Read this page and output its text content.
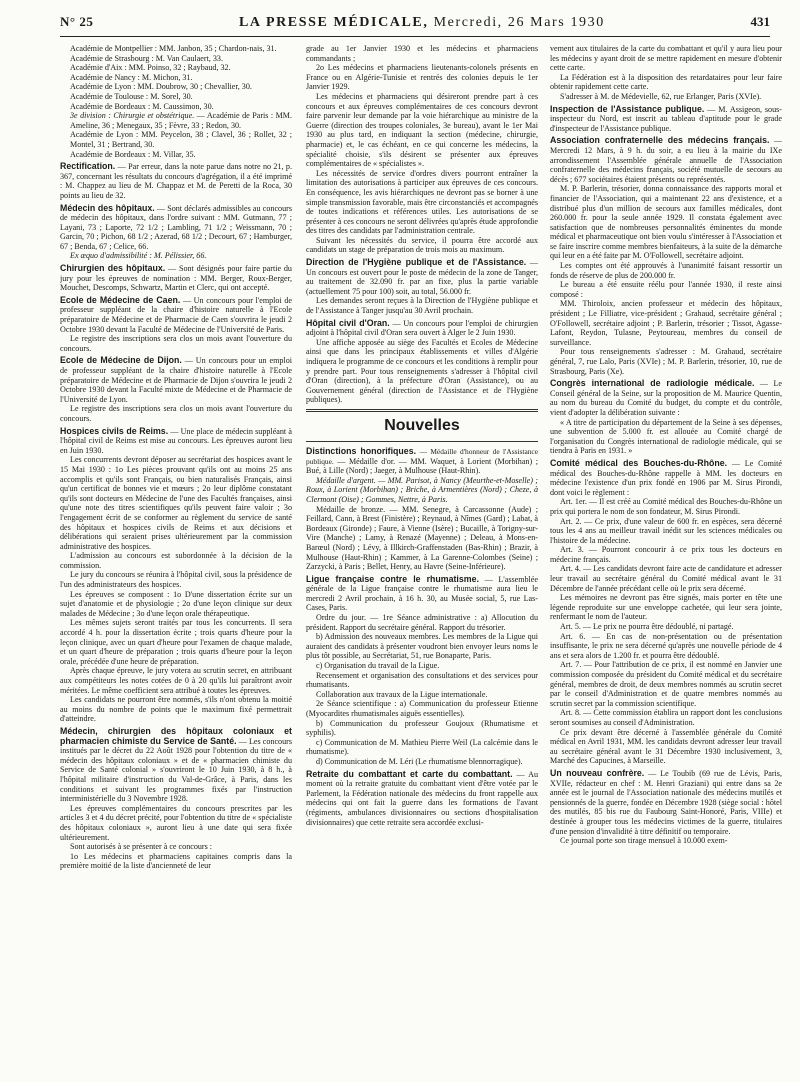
N° 25	LA PRESSE MÉDICALE, Mercredi, 26 Mars 1930	431

Académie de Montpellier : MM. Janbon, 35 ; Chardon-nais, 31.

Académie de Strasbourg : M. Van Caulaert, 33.

Académie d'Aix : MM. Poinso, 32 ; Raybaud, 32.

Académie de Nancy : M. Michon, 31.

Académie de Lyon : MM. Doubrow, 30 ; Chevallier, 30.

Académie de Toulouse : M. Sorel, 30.

Académie de Bordeaux : M. Caussimon, 30.

3e division : Chirurgie et obstétrique. — Académie de Paris : MM. Ameline, 36 ; Menegaux, 35 ; Fèvre, 33 ; Redon, 30.

Académie de Lyon : MM. Peycelon, 38 ; Clavel, 36 ; Rollet, 32 ; Montel, 31 ; Bertrand, 30.

Académie de Bordeaux : M. Villar, 35.

Rectification. — Par erreur, dans la note parue dans notre no 21, p. 367, concernant les résultats du concours d'agrégation, il a été imprimé : M. Chappez au lieu de M. Chappaz et M. de Peretti de la Roca, 30 points au lieu de 32.

Médecin des hôpitaux. — Sont déclarés admissibles au concours de médecin des hôpitaux, dans l'ordre suivant : MM. Gutmann, 77 ; Layani, 73 ; Laporte, 72 1/2 ; Lambling, 71 1/2 ; Weissmann, 70 ; Garcin, 70 ; Pichon, 68 1/2 ; Azerad, 68 1/2 ; Decourt, 67 ; Hamburger, 67 ; Benda, 67 ; Celice, 66.

Ex æquo d'admissibilité : M. Pélissier, 66.

Chirurgien des hôpitaux. — Sont désignés pour faire partie du jury pour les épreuves de nomination : MM. Berger, Roux-Berger, Mouchet, Descomps, Schwartz, Martin et Clerc, qui ont accepté.

Ecole de Médecine de Caen. — Un concours pour l'emploi de professeur suppléant de la chaire d'histoire naturelle à l'Ecole préparatoire de Médecine et de Pharmacie de Caen s'ouvrira le jeudi 2 Octobre 1930 devant la Faculté de Médecine de l'Université de Paris.

Le registre des inscriptions sera clos un mois avant l'ouverture du concours.

Ecole de Médecine de Dijon. — Un concours pour un emploi de professeur suppléant de la chaire d'histoire naturelle à l'Ecole préparatoire de Médecine et de Pharmacie de Dijon s'ouvrira le jeudi 2 Octobre 1930 devant la Faculté mixte de Médecine et de Pharmacie de l'Université de Lyon.

Le registre des inscriptions sera clos un mois avant l'ouverture du concours.

Hospices civils de Reims. — Une place de médecin suppléant à l'hôpital civil de Reims est mise au concours. Les épreuves auront lieu en Juin 1930.

Les concurrents devront déposer au secrétariat des hospices avant le 15 Mai 1930 : 1o Les pièces prouvant qu'ils ont au moins 25 ans accomplis et qu'ils sont Français, ou bien naturalisés Français, ainsi qu'un certificat de bonnes vie et mœurs ; 2o leur diplôme constatant qu'ils sont docteurs en Médecine de l'une des Facultés françaises, ainsi qu'une note des titres scientifiques qu'ils peuvent faire valoir ; 3o l'engagement écrit de se conformer au règlement du service de santé des hôpitaux et hospices civils de Reims et aux décisions et délibérations qui seraient prises ultérieurement par la commission administrative des hospices.

L'admission au concours est subordonnée à la décision de la commission.

Le jury du concours se réunira à l'hôpital civil, sous la présidence de l'un des administrateurs des hospices.

Les épreuves se composent : 1o D'une dissertation écrite sur un sujet d'anatomie et de physiologie ; 2o d'une leçon clinique sur deux malades de Médecine ; 3o d'une leçon orale thérapeutique.

Les mêmes sujets seront traités par tous les concurrents. Il sera accordé 4 h. pour la dissertation écrite ; trois quarts d'heure pour la leçon clinique, avec un quart d'heure pour l'examen de chaque malade, et un quart d'heure de préparation ; trois quarts d'heure pour la leçon orale, précédée d'une heure de préparation.

Après chaque épreuve, le jury votera au scrutin secret, en attribuant aux compétiteurs les notes cotées de 0 à 20 qu'ils lui paraîtront avoir méritées. Le même coefficient sera attribué à toutes les épreuves.

Les candidats ne pourront être nommés, s'ils n'ont obtenu la moitié au moins du nombre de points que le maximum fixé permettrait d'atteindre.

Médecin, chirurgien des hôpitaux coloniaux et pharmacien chimiste du Service de Santé. — Les concours institués par le décret du 22 Août 1928 pour l'obtention du titre de « médecin des hôpitaux coloniaux » et de « pharmacien chimiste du Service de Santé colonial » s'ouvriront le 10 Juin 1930, à 8 h., à l'hôpital militaire d'instruction du Val-de-Grâce, à Paris, dans les conditions et suivant les programmes fixés par l'instruction interministérielle du 3 Novembre 1928.

Les épreuves complémentaires du concours prescrites par les articles 3 et 4 du décret précité, pour l'obtention du titre de « spécialiste des hôpitaux coloniaux », auront lieu à une date qui sera fixée ultérieurement.

Sont autorisés à se présenter à ce concours :

1o Les médecins et pharmaciens capitaines compris dans la première moitié de la liste d'ancienneté de leur

grade au 1er Janvier 1930 et les médecins et pharmaciens commandants ;

2o Les médecins et pharmaciens lieutenants-colonels présents en France ou en Algérie-Tunisie et rentrés des colonies depuis le 1er Janvier 1929.

Les médecins et pharmaciens qui désireront prendre part à ces concours et aux épreuves complémentaires de ces concours devront faire parvenir leur demande par la voie hiérarchique au ministre de la Guerre (direction des troupes coloniales, 3e bureau), avant le 1er Mai 1930 au plus tard, en indiquant la section (médecine, chirurgie, pharmacie) et, le cas échéant, en ce qui concerne les médecins, la spécialité choisie, s'ils désirent se présenter aux épreuves complémentaires de « spécialistes ».

Les nécessités de service d'ordres divers pourront entraîner la limitation des autorisations à participer aux épreuves de ces concours. En conséquence, les avis hiérarchiques ne devront pas se borner à une simple transmission favorable, mais être circonstanciés et accompagnés de toutes indications et références utiles. Les autorisations de se présenter à ces concours ne seront délivrées qu'après étude approfondie des titres des candidats par l'administration centrale.

Suivant les nécessités du service, il pourra être accordé aux candidats un stage de préparation de trois mois au maximum.

Direction de l'Hygiène publique et de l'Assistance. — Un concours est ouvert pour le poste de médecin de la zone de Tanger, au traitement de 32.090 fr. par an fixe, plus la partie variable (actuellement 75 pour 100) soit, au total, 56.000 fr.

Les demandes seront reçues à la Direction de l'Hygiène publique et de l'Assistance à Tanger jusqu'au 30 Avril prochain.

Hôpital civil d'Oran. — Un concours pour l'emploi de chirurgien adjoint à l'hôpital civil d'Oran sera ouvert à Alger le 2 Juin 1930.

Une affiche apposée au siège des Facultés et Ecoles de Médecine ainsi que dans les principaux établissements et villes d'Algérie indiquera le programme de ce concours et les conditions à remplir pour y prendre part. Pour tous renseignements s'adresser à l'hôpital civil d'Oran (direction), à la préfecture d'Oran (Assistance), ou au Gouvernement général (direction de l'Assistance et de l'Hygiène publiques).

Nouvelles

Distinctions honorifiques. — Médaille d'honneur de l'Assistance publique. — Médaille d'or. — MM. Waquet, à Lorient (Morbihan) ; Bué, à Lille (Nord) ; Jaeger, à Mulhouse (Haut-Rhin).

Médaille d'argent. — MM. Parisot, à Nancy (Meurthe-et-Moselle) ; Roux, à Lorient (Morbihan) ; Briche, à Armentières (Nord) ; Cheze, à Clermont (Oise) ; Gommes, Nettre, à Paris.

Médaille de bronze. — MM. Senegre, à Carcassonne (Aude) ; Feillard, Cann, à Brest (Finistère) ; Reynaud, à Nîmes (Gard) ; Labat, à Bordeaux (Gironde) ; Faure, à Vienne (Isère) ; Bucaille, à Torigny-sur-Vire (Manche) ; Lamy, à Renazé (Mayenne) ; Deleau, à Mons-en-Barœul (Nord) ; Lévy, à Illkirch-Graffenstaden (Bas-Rhin) ; Brazir, à Mulhouse (Haut-Rhin) ; Kammer, à La Garenne-Colombes (Seine) ; Zarzycki, à Paris ; Bellet, Henry, au Havre (Seine-Inférieure).

Ligue française contre le rhumatisme. — L'assemblée générale de la Ligue française contre le rhumatisme aura lieu le mercredi 2 Avril prochain, à 16 h. 30, au Musée social, 5, rue Las-Cases, Paris.

Ordre du jour. — 1re Séance administrative : a) Allocution du président. Rapport du secrétaire général. Rapport du trésorier.

b) Admission des nouveaux membres. Les membres de la Ligue qui auraient des candidats à présenter voudront bien envoyer leurs noms le plus tôt possible, au Secrétariat, 51, rue Bonaparte, Paris.

c) Organisation du travail de la Ligue.

Recensement et organisation des consultations et des services pour rhumatisants.

Collaboration aux travaux de la Ligue internationale.

2e Séance scientifique : a) Communication du professeur Etienne (Myocardites rhumatismales aiguës essentielles).

b) Communication du professeur Goujoux (Rhumatisme et syphilis).

c) Communication de M. Mathieu Pierre Weil (La calcémie dans le rhumatisme).

d) Communication de M. Léri (Le rhumatisme blennorragique).

Retraite du combattant et carte du combattant. — Au moment où la retraite gratuite du combattant vient d'être votée par le Parlement, la Fédération nationale des médecins du front rappelle aux médecins qui ont fait la guerre dans les formations de l'avant (régiments, ambulances divisionnaires ou sections d'hospitalisation divisionnaires) que cette retraite sera accordée exclusi-

vement aux titulaires de la carte du combattant et qu'il y aura lieu pour les médecins y ayant droit de se mettre rapidement en mesure d'obtenir cette carte.

La Fédération est à la disposition des retardataires pour leur faire obtenir rapidement cette carte.

S'adresser à M. de Médevielle, 62, rue Erlanger, Paris (XVIe).

Inspection de l'Assistance publique. — M. Assigeon, sous-inspecteur du Nord, est inscrit au tableau d'aptitude pour le grade d'inspecteur de l'Assistance publique.

Association confraternelle des médecins français. — Mercredi 12 Mars, à 9 h. du soir, a eu lieu à la mairie du IXe arrondissement l'Assemblée générale annuelle de l'Association confraternelle des médecins français, société mutuelle de secours au décès ; 677 sociétaires étaient présents ou représentés.

M. P. Barlerin, trésorier, donna connaissance des rapports moral et financier de l'Association, qui a maintenant 22 ans d'existence, et a distribué plus d'un million de secours aux familles médicales, dont 260.000 fr. pour la seule année 1929. Il constata également avec satisfaction que de nombreuses personnalités éminentes du monde médical et pharmaceutique ont bien voulu s'intéresser à l'Association et se faire inscrire comme membres bienfaiteurs, à la suite de la démarche qui leur en a été faite par M. O'Followell, secrétaire adjoint.

Les comptes ont été approuvés à l'unanimité faisant ressortir un fonds de réserve de plus de 200.000 fr.

Le bureau a été ensuite réélu pour l'année 1930, il reste ainsi composé :

MM. Thiroloix, ancien professeur et médecin des hôpitaux, président ; Le Filliatre, vice-président ; Grahaud, secrétaire général ; O'Followell, secrétaire adjoint ; P. Barlerin, trésorier ; Tissot, Agasse-Lafont, Reydon, Tulasne, Peytoureau, membres du conseil de surveillance.

Pour tous renseignements s'adresser : M. Grahaud, secrétaire général, 7, rue Lalo, Paris (XVIe) ; M. P. Barlerin, trésorier, 10, rue de Strasbourg, Paris (Xe).

Congrès international de radiologie médicale. — Le Conseil général de la Seine, sur la proposition de M. Maurice Quentin, au nom du bureau du Comité du budget, du compte et du contrôle, vient d'adopter la délibération suivante :

« A titre de participation du département de la Seine à ses dépenses, une subvention de 5.000 fr. est allouée au Comité chargé de l'organisation du Congrès international de radiologie médicale, qui se tiendra à Paris en 1931. »

Comité médical des Bouches-du-Rhône. — Le Comité médical des Bouches-du-Rhône rappelle à MM. les docteurs en médecine l'existence d'un prix fondé en 1906 par M. Sirus Pirondi, dont voici le règlement :

Art. 1er. — Il est créé au Comité médical des Bouches-du-Rhône un prix qui portera le nom de son fondateur, M. Sirus Pirondi.

Art. 2. — Ce prix, d'une valeur de 600 fr. en espèces, sera décerné tous les 4 ans au meilleur travail inédit sur les sciences médicales ou l'histoire de la médecine.

Art. 3. — Pourront concourir à ce prix tous les docteurs en médecine français.

Art. 4. — Les candidats devront faire acte de candidature et adresser leur travail au secrétaire général du Comité médical avant le 31 Décembre de l'année précédant celle où le prix sera décerné.

Les mémoires ne devront pas être signés, mais porter en tête une légende reproduite sur une enveloppe cachetée, qui leur sera jointe, renfermant le nom de l'auteur.

Art. 5. — Le prix ne pourra être dédoublé, ni partagé.

Art. 6. — En cas de non-présentation ou de présentation insuffisante, le prix ne sera décerné qu'après une nouvelle période de 4 ans et sera alors de 1.200 fr. et pourra être dédoublé.

Art. 7. — Pour l'attribution de ce prix, il est nommé en Janvier une commission composée du président du Comité médical et du secrétaire général, membres de droit, de deux membres nommés au scrutin secret par le conseil d'Administration et de quatre membres nommés au scrutin secret par la commission scientifique.

Art. 8. — Cette commission établira un rapport dont les conclusions seront soumises au conseil d'Administration.

Ce prix devant être décerné à l'assemblée générale du Comité médical en Avril 1931, MM. les candidats devront adresser leur travail au secrétaire général avant le 31 Décembre 1930 inclusivement, 3, Marché des Capucines, à Marseille.

Un nouveau confrère. — Le Toubib (69 rue de Lévis, Paris, XVIIe, rédacteur en chef : M. Henri Graziani) qui entre dans sa 2e année est le journal de l'Association nationale des médecins mutilés et pensionnés de la guerre, fondée en Décembre 1928 (siège social : hôtel des mutilés, 85 bis rue du Faubourg Saint-Honoré, Paris, VIIIe) et destinée à grouper tous les médecins victimes de la guerre, titulaires d'une pension d'invalidité à titre définitif ou temporaire.

Ce journal porte son tirage mensuel à 10.000 exem-
